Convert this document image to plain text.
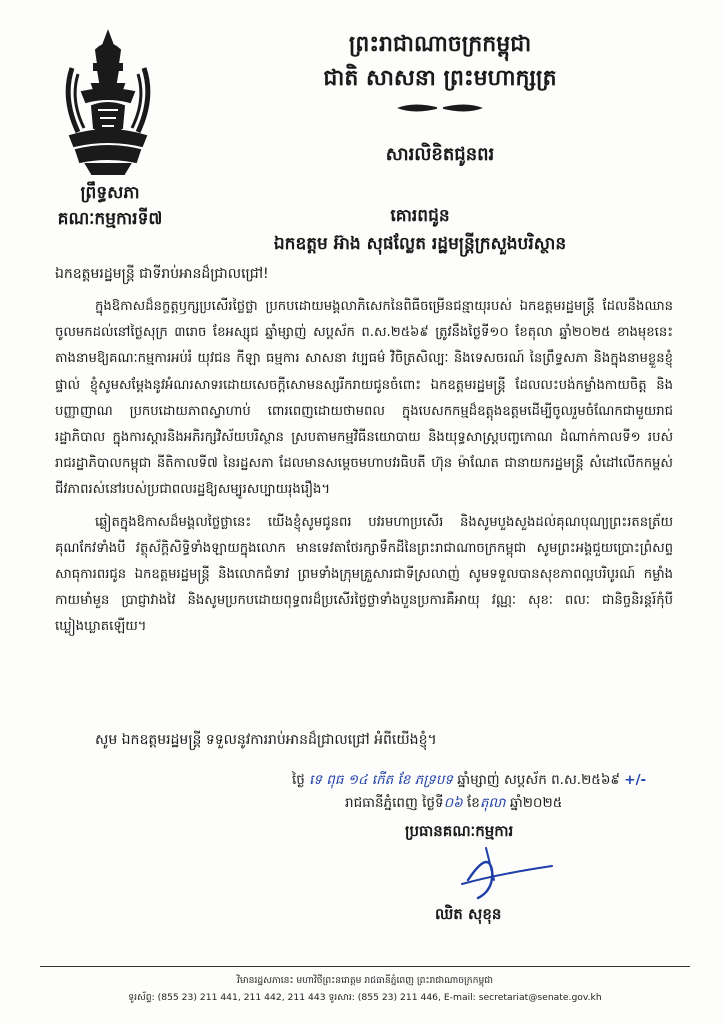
ព្រឹទ្ធសភា
គណៈកម្មការទី៧
ព្រះរាជាណាចក្រកម្ពុជា
ជាតិ សាសនា ព្រះមហាក្សត្រ
សារលិខិតជូនពរ
គោរពជូន
ឯកឧត្តម អ៊ាង សុផល្លែត រដ្ឋមន្ត្រីក្រសួងបរិស្ថាន
ឯកឧត្តមរដ្ឋមន្ត្រី ជាទីរាប់អានដ៏ជ្រាលជ្រៅ!

ក្នុងឱកាសដ៏នក្ខត្តឫក្សប្រសើរថ្លៃថ្លា ប្រកបដោយមង្គលាភិសេកនៃពិធីចម្រើនជន្មាយុរបស់ ឯកឧត្តមរដ្ឋមន្ត្រី ដែលនឹងឈានចូលមកដល់នៅថ្ងៃសុក្រ ៣រោច ខែអស្សុជ ឆ្នាំម្សាញ់ សប្តស័ក ព.ស.២៥៦៩ ត្រូវនឹងថ្ងៃទី១០ ខែតុលា ឆ្នាំ២០២៥ ខាងមុខនេះ តាងនាមឱ្យគណៈកម្មការអប់រំ យុវជន កីឡា ធម្មការ សាសនា វប្បធម៌ វិចិត្រសិល្បៈ និងទេសចរណ៍ នៃព្រឹទ្ធសភា និងក្នុងនាមខ្លួនខ្ញុំផ្ទាល់ ខ្ញុំសូមសម្តែងនូវអំណរសាទរដោយសេចក្តីសោមនស្សរីករាយជូនចំពោះ ឯកឧត្តមរដ្ឋមន្ត្រី ដែលលះបង់កម្លាំងកាយចិត្ត និងបញ្ញាញាណ ប្រកបដោយភាពស្វាហាប់ ពោរពេញដោយថាមពល ក្នុងបេសកកម្មដ៏ឧត្តុងឧត្តមដើម្បីចូលរួមចំណែកជាមួយរាជរដ្ឋាភិបាល ក្នុងការស្តារនិងអភិរក្សវិស័យបរិស្ថាន ស្របតាមកម្មវិធីនយោបាយ និងយុទ្ធសាស្ត្របញ្ចកោណ ដំណាក់កាលទី១ របស់រាជរដ្ឋាភិបាលកម្ពុជា នីតិកាលទី៧ នៃរដ្ឋសភា ដែលមានសម្តេចមហាបវរធិបតី ហ៊ុន ម៉ាណែត ជានាយករដ្ឋមន្ត្រី សំដៅលើកកម្ពស់ជីវភាពរស់នៅរបស់ប្រជាពលរដ្ឋឱ្យសម្បូរសប្បាយរុងរឿង។

ឆ្លៀតក្នុងឱកាសដ៏មង្គលថ្លៃថ្លានេះ យើងខ្ញុំសូមជូនពរ បវរមហាប្រសើរ និងសូមបួងសួងដល់គុណបុណ្យព្រះរតនត្រ័យ គុណកែវទាំងបី វត្ថុស័ក្តិសិទ្ធិទាំងឡាយក្នុងលោក មានទេវតាថែរក្សាទឹកដីនៃព្រះរាជាណាចក្រកម្ពុជា សូមព្រះអង្គជួយប្រោះព្រំសព្ទសាធុការពរជូន ឯកឧត្តមរដ្ឋមន្ត្រី និងលោកជំទាវ ព្រមទាំងក្រុមគ្រួសារជាទីស្រលាញ់ សូមទទួលបានសុខភាពល្អបរិបូរណ៍ កម្លាំងកាយមាំមួន ប្រាជ្ញាវាងវៃ និងសូមប្រកបដោយពុទ្ធពរដ៏ប្រសើរថ្លៃថ្លាទាំងបួនប្រការគឺអាយុ វណ្ណៈ សុខៈ ពលៈ ជានិច្ចនិរន្តរ៍កុំបីឃ្លៀងឃ្លាតឡើយ។

សូម ឯកឧត្តមរដ្ឋមន្ត្រី ទទួលនូវការរាប់អានដ៏ជ្រាលជ្រៅ អំពីយើងខ្ញុំ។
ថ្ងៃ ទេ ពុធ ១៤ កើត ខែ ភទ្របទ ឆ្នាំម្សាញ់ សប្តស័ក ព.ស.២៥៦៩ +/-
រាជធានីភ្នំពេញ ថ្ងៃទី០៦ ខែតុលា ឆ្នាំ២០២៥
ប្រធានគណៈកម្មការ
ឈិត សុខុន
វិមានរដ្ឋសភានេះ មហាវិថីព្រះនរោត្តម រាជធានីភ្នំពេញ ព្រះរាជាណាចក្រកម្ពុជា
ទូរស័ព្ទ: (855 23) 211 441, 211 442, 211 443 ទូរសារ: (855 23) 211 446, E-mail: secretariat@senate.gov.kh
